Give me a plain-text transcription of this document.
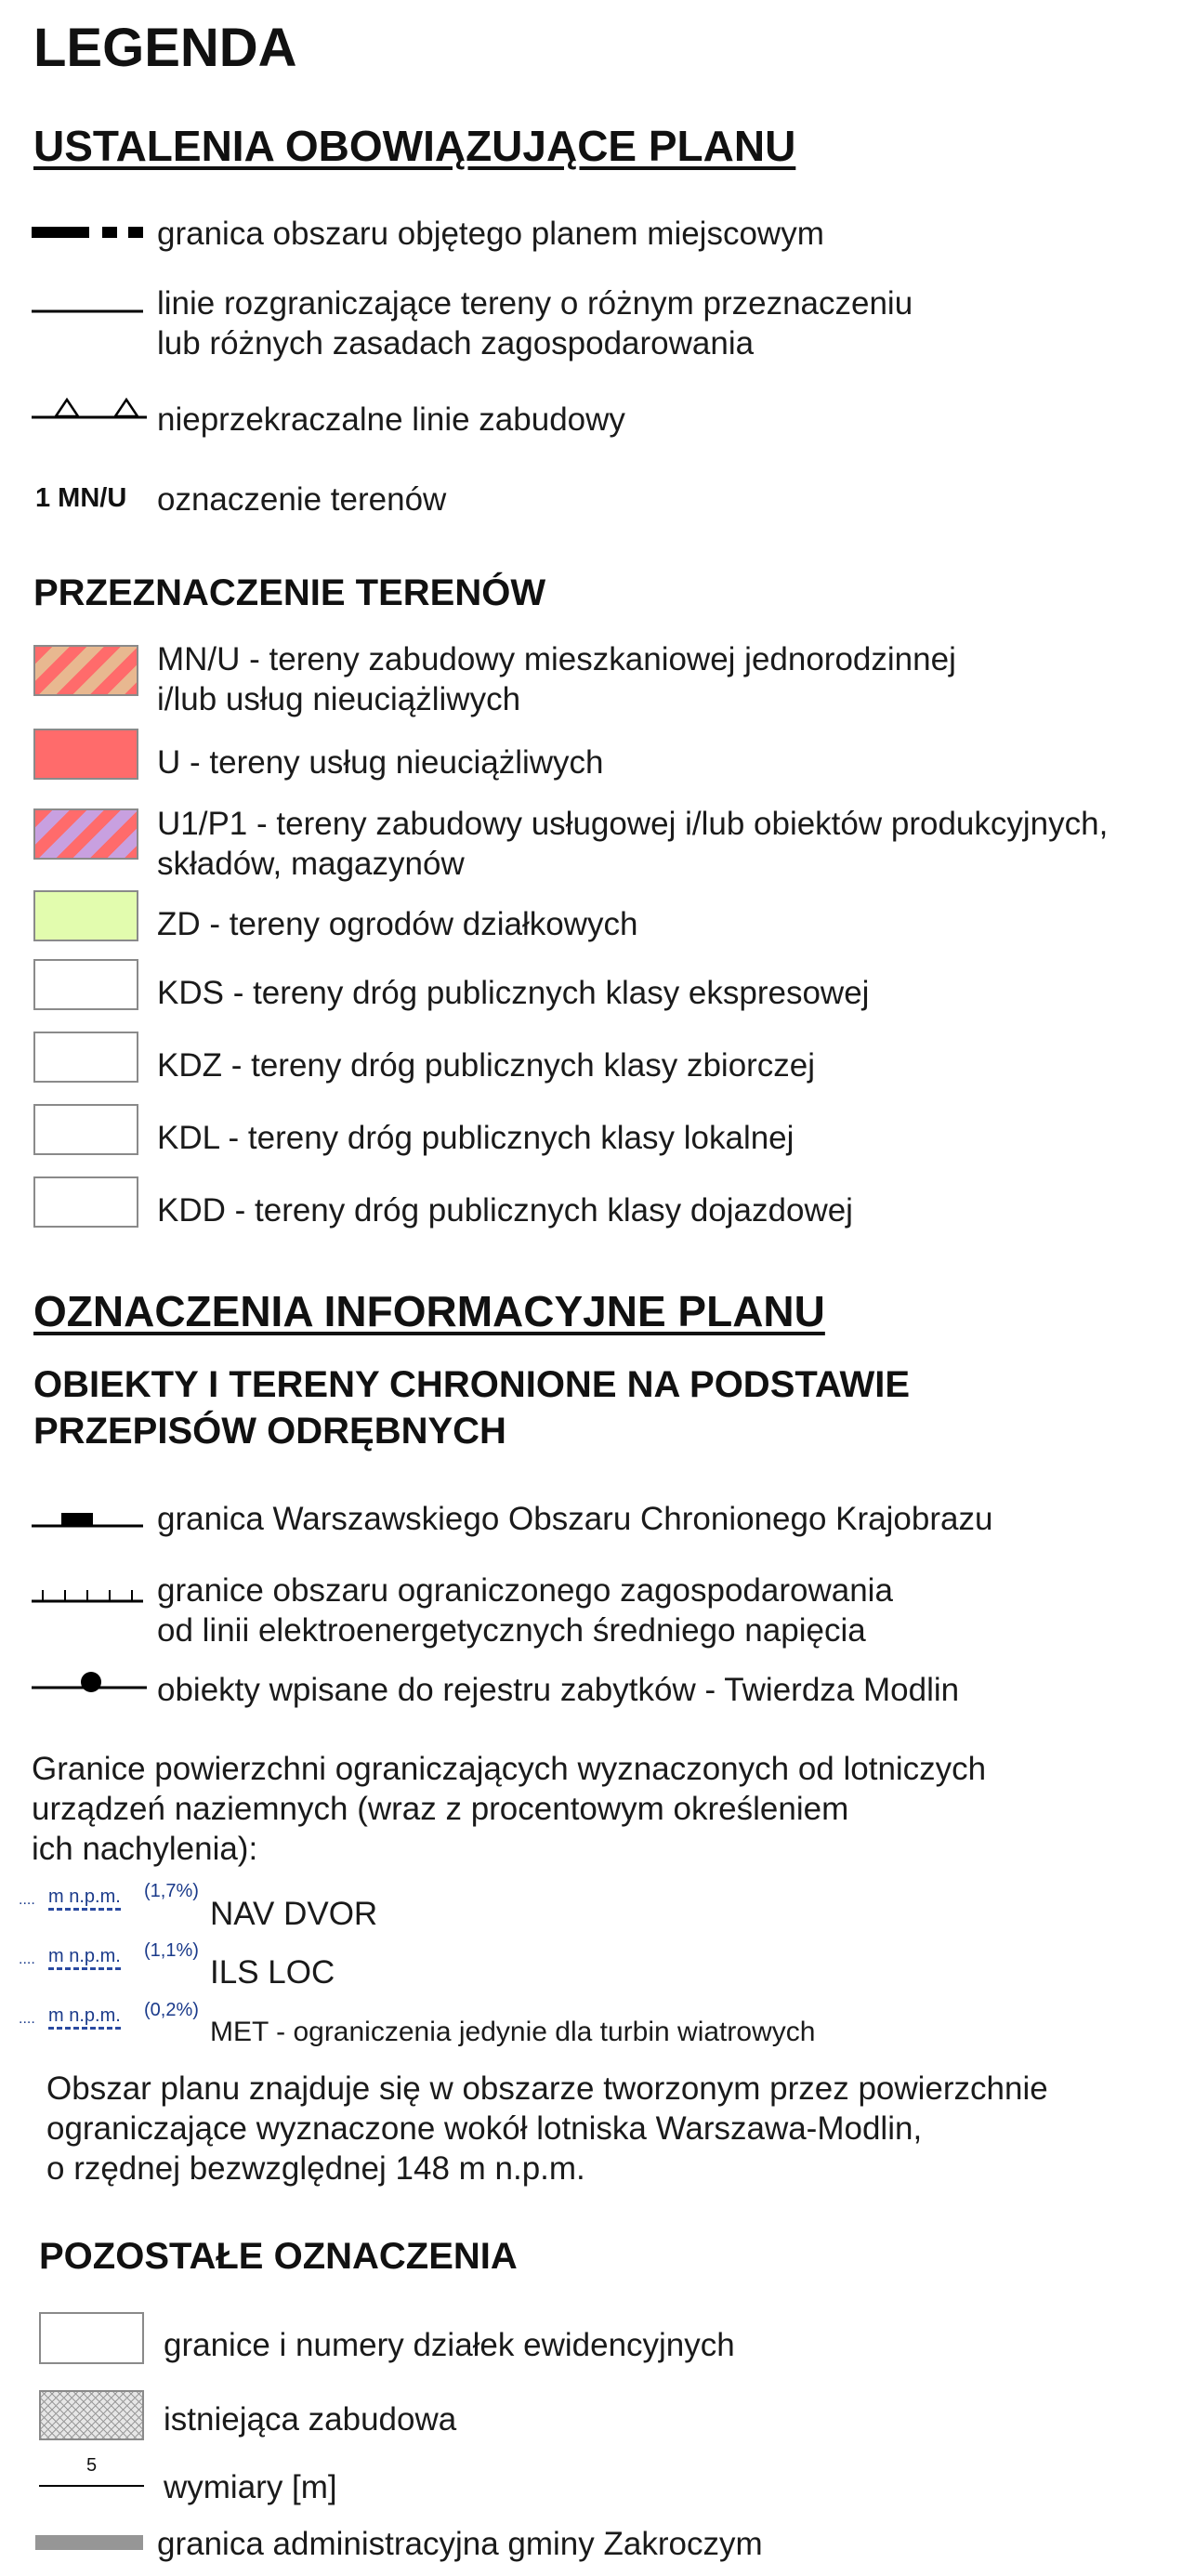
LEGENDA
USTALENIA OBOWIĄZUJĄCE PLANU
granica obszaru objętego planem miejscowym
linie rozgraniczające tereny o różnym przeznaczeniu
lub różnych zasadach zagospodarowania
nieprzekraczalne linie zabudowy
1 MN/U oznaczenie terenów
PRZEZNACZENIE TERENÓW
MN/U - tereny zabudowy mieszkaniowej jednorodzinnej
i/lub usług nieuciążliwych
U - tereny usług nieuciążliwych
U1/P1 - tereny zabudowy usługowej i/lub obiektów produkcyjnych,
składów, magazynów
ZD - tereny ogrodów działkowych
KDS - tereny dróg publicznych klasy ekspresowej
KDZ - tereny dróg publicznych klasy zbiorczej
KDL - tereny dróg publicznych klasy lokalnej
KDD - tereny dróg publicznych klasy dojazdowej
OZNACZENIA INFORMACYJNE PLANU
OBIEKTY I TERENY CHRONIONE NA PODSTAWIE
PRZEPISÓW ODRĘBNYCH
granica Warszawskiego Obszaru Chronionego Krajobrazu
granice obszaru ograniczonego zagospodarowania
od linii elektroenergetycznych średniego napięcia
obiekty wpisane do rejestru zabytków - Twierdza Modlin
Granice powierzchni ograniczających wyznaczonych od lotniczych
urządzeń naziemnych (wraz z procentowym określeniem
ich nachylenia):
.... m n.p.m. (1,7%)
NAV DVOR
.... m n.p.m. (1,1%)
ILS LOC
.... m n.p.m. (0,2%)
MET - ograniczenia jedynie dla turbin wiatrowych
Obszar planu znajduje się w obszarze tworzonym przez powierzchnie
ograniczające wyznaczone wokół lotniska Warszawa-Modlin,
o rzędnej bezwzględnej 148 m n.p.m.
POZOSTAŁE OZNACZENIA
granice i numery działek ewidencyjnych
istniejąca zabudowa
5
wymiary [m]
granica administracyjna gminy Zakroczym
